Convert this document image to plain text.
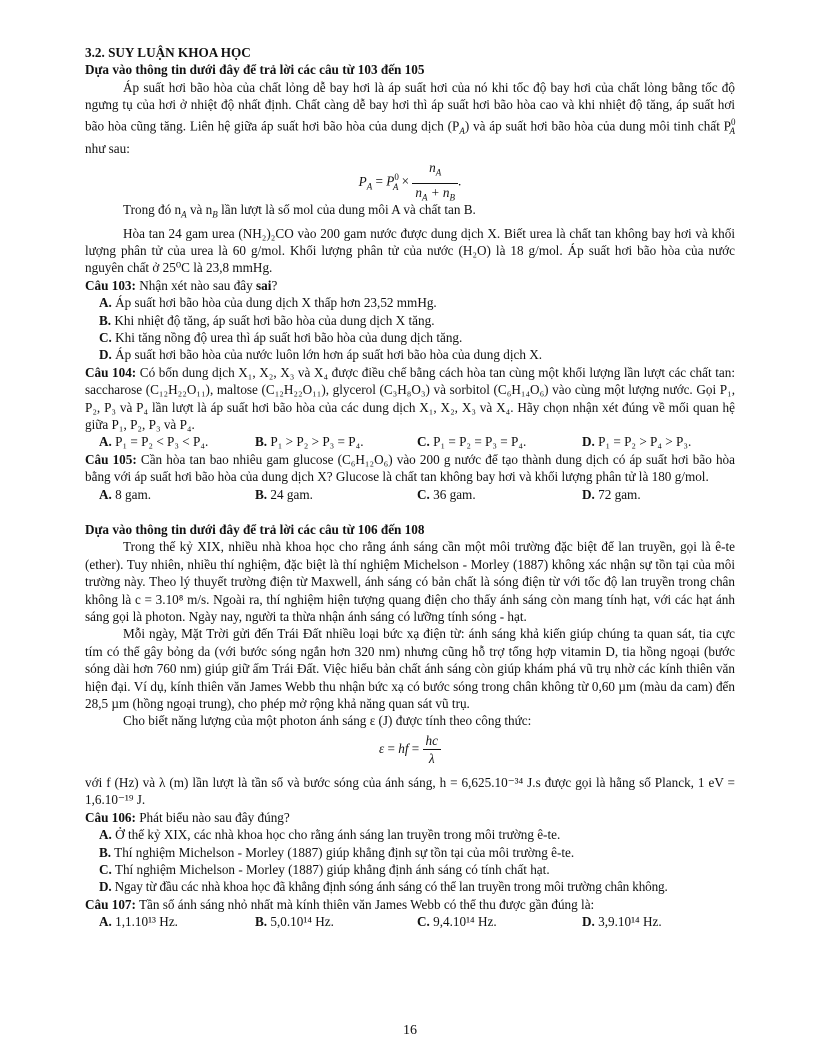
3.2. SUY LUẬN KHOA HỌC

Dựa vào thông tin dưới đây để trả lời các câu từ 103 đến 105

Áp suất hơi bão hòa của chất lỏng dễ bay hơi là áp suất hơi của nó khi tốc độ bay hơi của chất lỏng bằng tốc độ ngưng tụ của hơi ở nhiệt độ nhất định. Chất càng dễ bay hơi thì áp suất hơi bão hòa cao và khi nhiệt độ tăng, áp suất hơi bão hòa cũng tăng. Liên hệ giữa áp suất hơi bão hòa của dung dịch $(P_A)$ và áp suất hơi bão hòa của dung môi tinh chất $P^0_A$ như sau:

$P_A = P^0_A \times \frac{n_A}{n_A + n_B}$ .

Trong đó $n_A$ và $n_B$ lần lượt là số mol của dung môi A và chất tan B.

Hòa tan 24 gam urea (NH₂)₂CO vào 200 gam nước được dung dịch X. Biết urea là chất tan không bay hơi và khối lượng phân tử của urea là 60 g/mol. Khối lượng phân tử của nước (H₂O) là 18 g/mol. Áp suất hơi bão hòa của nước nguyên chất ở 25⁰C là 23,8 mmHg.

Câu 103: Nhận xét nào sau đây sai?

A. Áp suất hơi bão hòa của dung dịch X thấp hơn 23,52 mmHg.

B. Khi nhiệt độ tăng, áp suất hơi bão hòa của dung dịch X tăng.

C. Khi tăng nồng độ urea thì áp suất hơi bão hòa của dung dịch tăng.

D. Áp suất hơi bão hòa của nước luôn lớn hơn áp suất hơi bão hòa của dung dịch X.

Câu 104: Có bốn dung dịch X₁, X₂, X₃ và X₄ được điều chế bằng cách hòa tan cùng một khối lượng lần lượt các chất tan: saccharose (C₁₂H₂₂O₁₁), maltose (C₁₂H₂₂O₁₁), glycerol (C₃H₈O₃) và sorbitol (C₆H₁₄O₆) vào cùng một lượng nước. Gọi P₁, P₂, P₃ và P₄ lần lượt là áp suất hơi bão hòa của các dung dịch X₁, X₂, X₃ và X₄. Hãy chọn nhận xét đúng về mối quan hệ giữa P₁, P₂, P₃ và P₄.

A. P₁ = P₂ < P₃ < P₄.	B. P₁ > P₂ > P₃ = P₄.	C. P₁ = P₂ = P₃ = P₄.	D. P₁ = P₂ > P₄ > P₃.

Câu 105: Cần hòa tan bao nhiêu gam glucose (C₆H₁₂O₆) vào 200 g nước để tạo thành dung dịch có áp suất hơi bão hòa bằng với áp suất hơi bão hòa của dung dịch X? Glucose là chất tan không bay hơi và khối lượng phân tử là 180 g/mol.

A. 8 gam.	B. 24 gam.	C. 36 gam.	D. 72 gam.

Dựa vào thông tin dưới đây để trả lời các câu từ 106 đến 108

Trong thế kỷ XIX, nhiều nhà khoa học cho rằng ánh sáng cần một môi trường đặc biệt để lan truyền, gọi là ê-te (ether). Tuy nhiên, nhiều thí nghiệm, đặc biệt là thí nghiệm Michelson - Morley (1887) không xác nhận sự tồn tại của môi trường này. Theo lý thuyết trường điện từ Maxwell, ánh sáng có bản chất là sóng điện từ với tốc độ lan truyền trong chân không là c = 3.10⁸ m/s. Ngoài ra, thí nghiệm hiện tượng quang điện cho thấy ánh sáng còn mang tính hạt, với các hạt ánh sáng gọi là photon. Ngày nay, người ta thừa nhận ánh sáng có lưỡng tính sóng - hạt.

Mỗi ngày, Mặt Trời gửi đến Trái Đất nhiều loại bức xạ điện từ: ánh sáng khả kiến giúp chúng ta quan sát, tia cực tím có thể gây bỏng da (với bước sóng ngắn hơn 320 nm) nhưng cũng hỗ trợ tổng hợp vitamin D, tia hồng ngoại (bước sóng dài hơn 760 nm) giúp giữ ấm Trái Đất. Việc hiểu bản chất ánh sáng còn giúp khám phá vũ trụ nhờ các kính thiên văn hiện đại. Ví dụ, kính thiên văn James Webb thu nhận bức xạ có bước sóng trong chân không từ 0,60 µm (màu da cam) đến 28,5 µm (hồng ngoại trung), cho phép mở rộng khả năng quan sát vũ trụ.

Cho biết năng lượng của một photon ánh sáng ε (J) được tính theo công thức:

ε = hf = $\frac{hc}{\lambda}$

với f (Hz) và λ (m) lần lượt là tần số và bước sóng của ánh sáng, h = 6,625.10⁻³⁴ J.s được gọi là hằng số Planck, 1 eV = 1,6.10⁻¹⁹ J.

Câu 106: Phát biểu nào sau đây đúng?

A. Ở thế kỷ XIX, các nhà khoa học cho rằng ánh sáng lan truyền trong môi trường ê-te.

B. Thí nghiệm Michelson - Morley (1887) giúp khẳng định sự tồn tại của môi trường ê-te.

C. Thí nghiệm Michelson - Morley (1887) giúp khẳng định ánh sáng có tính chất hạt.

D. Ngay từ đầu các nhà khoa học đã khẳng định sóng ánh sáng có thể lan truyền trong môi trường chân không.

Câu 107: Tần số ánh sáng nhỏ nhất mà kính thiên văn James Webb có thể thu được gần đúng là:

A. 1,1.10¹³ Hz.	B. 5,0.10¹⁴ Hz.	C. 9,4.10¹⁴ Hz.	D. 3,9.10¹⁴ Hz.
16
